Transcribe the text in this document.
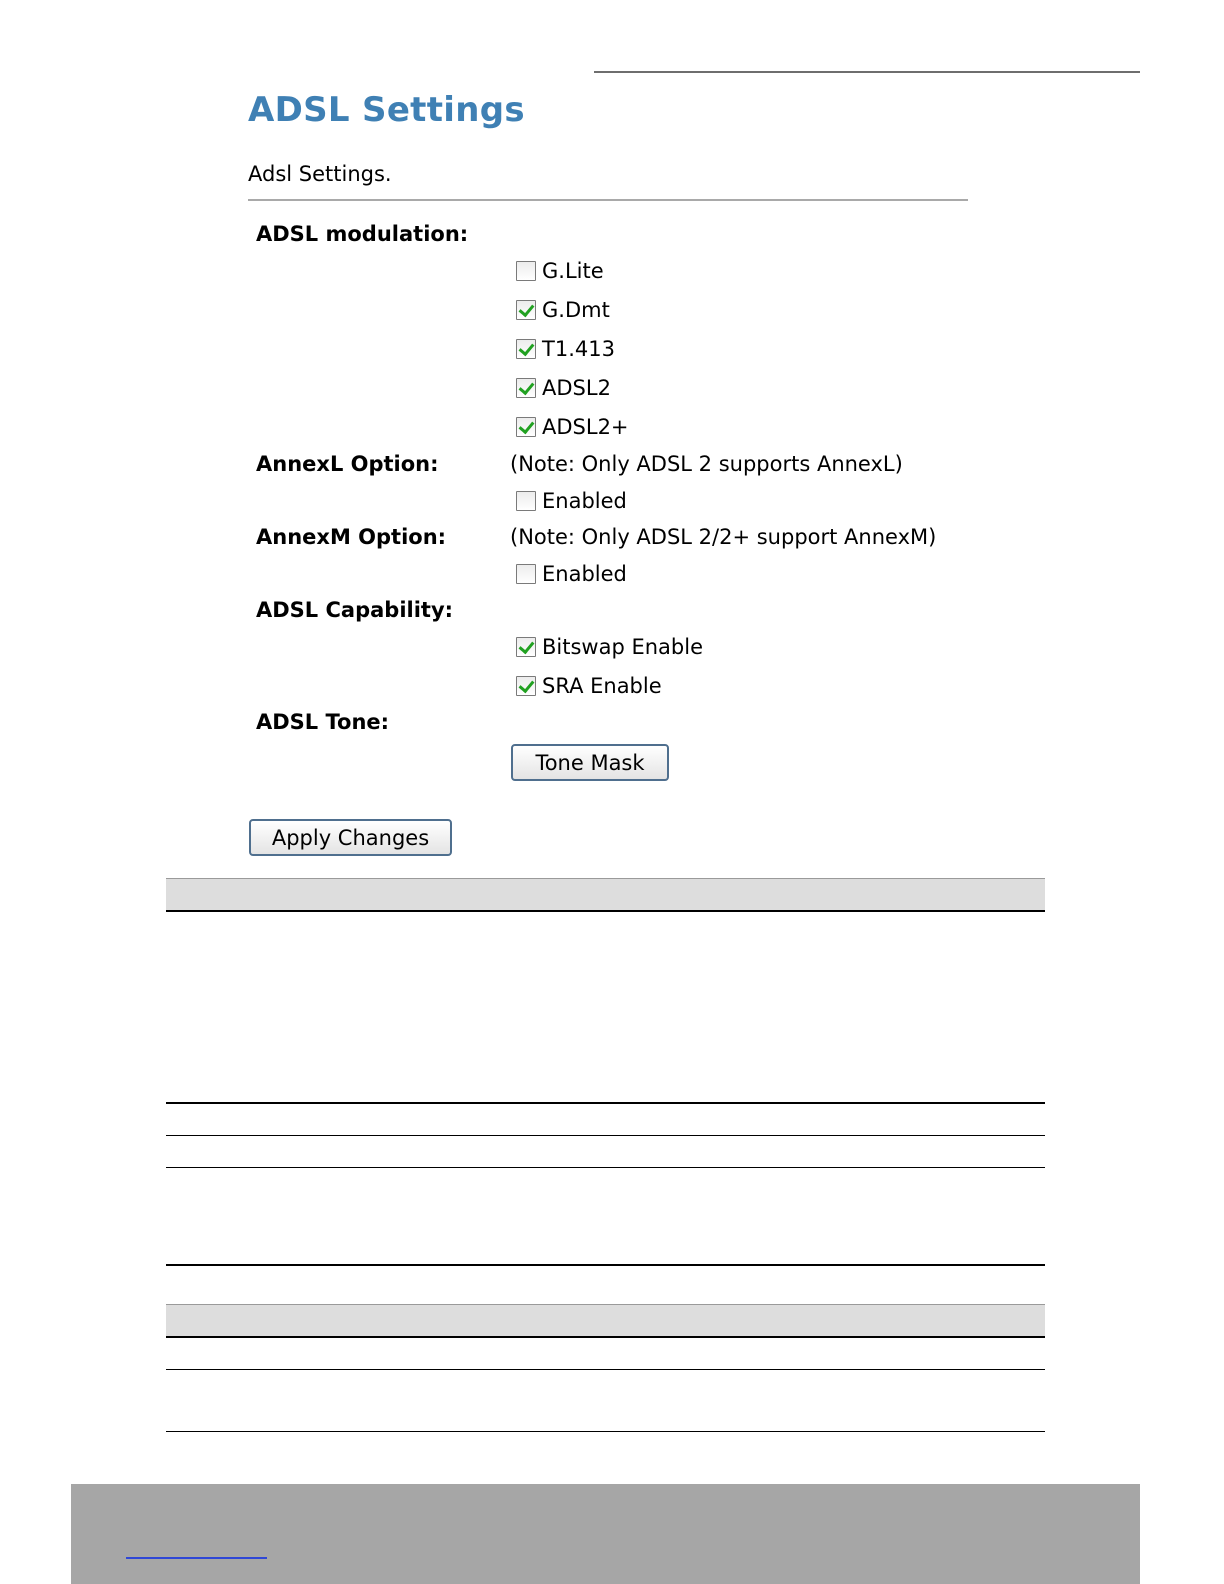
ADSL Settings
Adsl Settings.
ADSL modulation:
G.Lite
G.Dmt
T1.413
ADSL2
ADSL2+
AnnexL Option:	(Note: Only ADSL 2 supports AnnexL)
Enabled
AnnexM Option:	(Note: Only ADSL 2/2+ support AnnexM)
Enabled
ADSL Capability:
Bitswap Enable
SRA Enable
ADSL Tone:
Tone Mask
Apply Changes
